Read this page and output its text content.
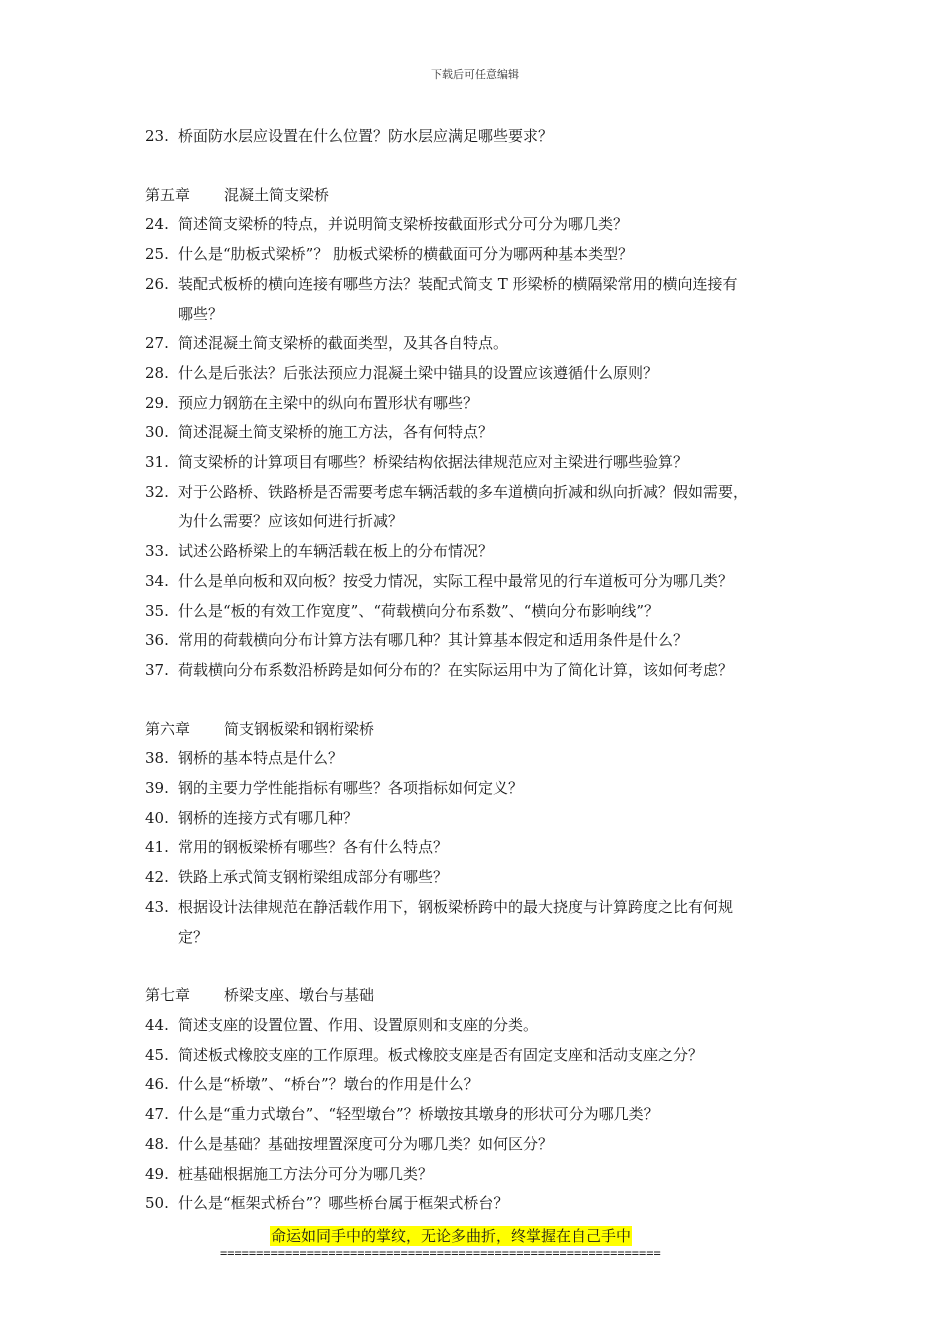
下载后可任意编辑
23. 桥面防水层应设置在什么位置？防水层应满足哪些要求？
第五章 混凝土简支梁桥
24. 简述简支梁桥的特点，并说明简支梁桥按截面形式分可分为哪几类？
25. 什么是“肋板式梁桥”？ 肋板式梁桥的横截面可分为哪两种基本类型？
26. 装配式板桥的横向连接有哪些方法？装配式简支 T 形梁桥的横隔梁常用的横向连接有
哪些？
27. 简述混凝土简支梁桥的截面类型，及其各自特点。
28. 什么是后张法？后张法预应力混凝土梁中锚具的设置应该遵循什么原则？
29. 预应力钢筋在主梁中的纵向布置形状有哪些？
30. 简述混凝土简支梁桥的施工方法，各有何特点？
31. 简支梁桥的计算项目有哪些？桥梁结构依据法律规范应对主梁进行哪些验算？
32. 对于公路桥、铁路桥是否需要考虑车辆活载的多车道横向折减和纵向折减？假如需要，
为什么需要？应该如何进行折减？
33. 试述公路桥梁上的车辆活载在板上的分布情况？
34. 什么是单向板和双向板？按受力情况，实际工程中最常见的行车道板可分为哪几类？
35. 什么是“板的有效工作宽度”、“荷载横向分布系数”、“横向分布影响线”？
36. 常用的荷载横向分布计算方法有哪几种？其计算基本假定和适用条件是什么？
37. 荷载横向分布系数沿桥跨是如何分布的？在实际运用中为了简化计算，该如何考虑？
第六章 简支钢板梁和钢桁梁桥
38. 钢桥的基本特点是什么？
39. 钢的主要力学性能指标有哪些？各项指标如何定义？
40. 钢桥的连接方式有哪几种？
41. 常用的钢板梁桥有哪些？各有什么特点？
42. 铁路上承式简支钢桁梁组成部分有哪些？
43. 根据设计法律规范在静活载作用下，钢板梁桥跨中的最大挠度与计算跨度之比有何规
定？
第七章 桥梁支座、墩台与基础
44. 简述支座的设置位置、作用、设置原则和支座的分类。
45. 简述板式橡胶支座的工作原理。板式橡胶支座是否有固定支座和活动支座之分？
46. 什么是“桥墩”、“桥台”？墩台的作用是什么？
47. 什么是“重力式墩台”、“轻型墩台”？桥墩按其墩身的形状可分为哪几类？
48. 什么是基础？基础按埋置深度可分为哪几类？如何区分？
49. 桩基础根据施工方法分可分为哪几类？
50. 什么是“框架式桥台”？哪些桥台属于框架式桥台？
命运如同手中的掌纹，无论多曲折，终掌握在自己手中
=============================================================
